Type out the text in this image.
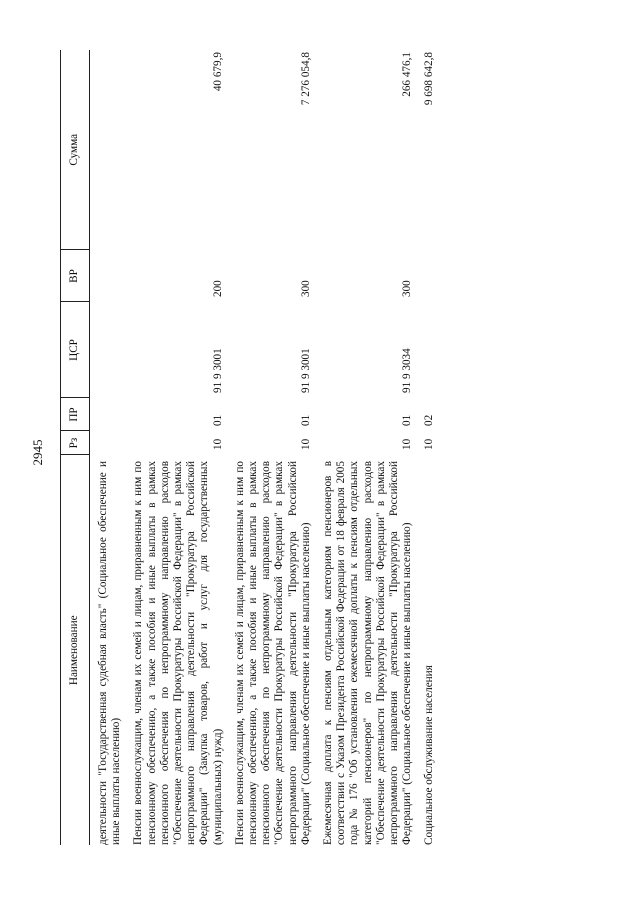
2945
Наименование	Рз	ПР	ЦСР	ВР	Сумма
деятельности "Государственная судебная власть" (Социальное обеспечение и иные выплаты населению)					
Пенсии военнослужащим, членам их семей и лицам, приравненным к ним по пенсионному обеспечению, а также пособия и иные выплаты в рамках пенсионного обеспечения по непрограммному направлению расходов "Обеспечение деятельности Прокуратуры Российской Федерации" в рамках непрограммного направления деятельности "Прокуратура Российской Федерации" (Закупка товаров, работ и услуг для государственных (муниципальных) нужд)	10	01	91 9 3001	200	40 679,9
Пенсии военнослужащим, членам их семей и лицам, приравненным к ним по пенсионному обеспечению, а также пособия и иные выплаты в рамках пенсионного обеспечения по непрограммному направлению расходов "Обеспечение деятельности Прокуратуры Российской Федерации" в рамках непрограммного направления деятельности "Прокуратура Российской Федерации" (Социальное обеспечение и иные выплаты населению)	10	01	91 9 3001	300	7 276 054,8
Ежемесячная доплата к пенсиям отдельным категориям пенсионеров в соответствии с Указом Президента Российской Федерации от 18 февраля 2005 года № 176 "Об установлении ежемесячной доплаты к пенсиям отдельных категорий пенсионеров" по непрограммному направлению расходов "Обеспечение деятельности Прокуратуры Российской Федерации" в рамках непрограммного направления деятельности "Прокуратура Российской Федерации" (Социальное обеспечение и иные выплаты населению)	10	01	91 9 3034	300	266 476,1
Социальное обслуживание населения	10	02			9 698 642,8
